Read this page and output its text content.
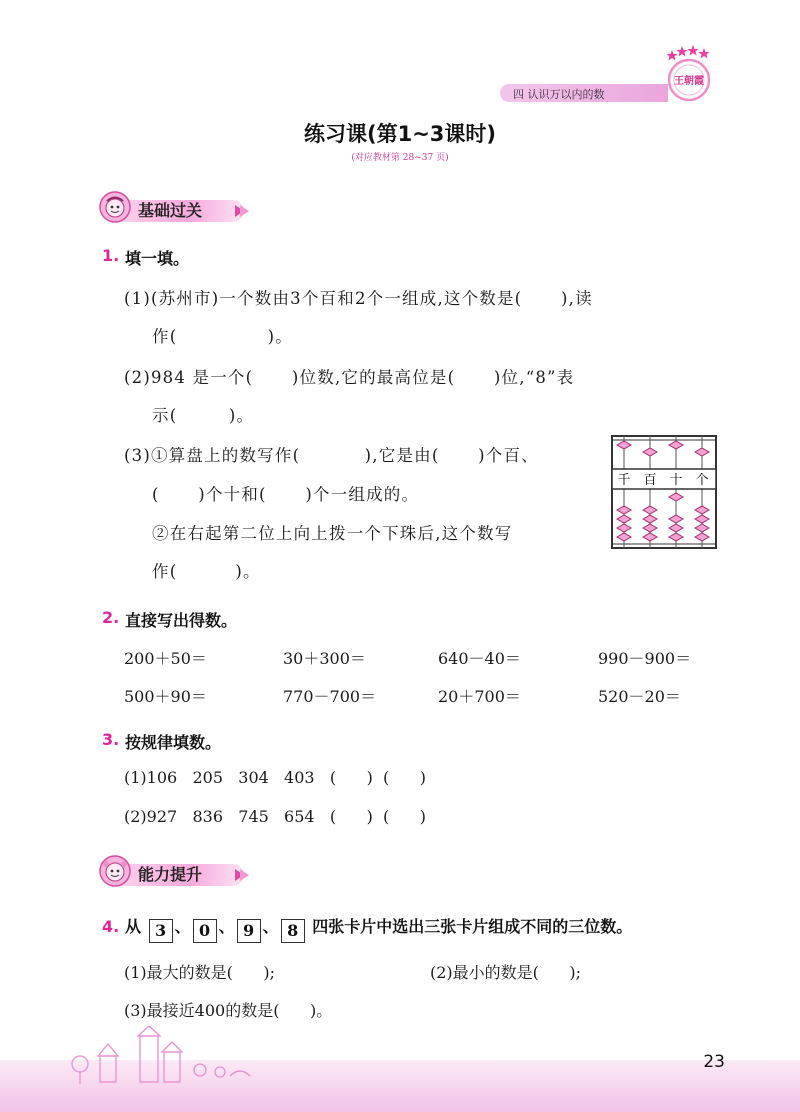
四 认识万以内的数
王朝霞
练习课(第1~3课时)
(对应教材第 28~37 页)
基础过关
1. 填一填。
(1)(苏州市)一个数由3个百和2个一组成,这个数是(      ),读
作(              )。
(2)984 是一个(      )位数,它的最高位是(      )位,“8”表
示(        )。
(3)①算盘上的数写作(          ),它是由(      )个百、
(      )个十和(      )个一组成的。
②在右起第二位上向上拨一个下珠后,这个数写
作(         )。
千 百 十 个
2. 直接写出得数。
200＋50＝	30＋300＝	640－40＝	990－900＝
500＋90＝	770－700＝	20＋700＝	520－20＝
3. 按规律填数。
(1)106   205   304   403   (      )  (      )
(2)927   836   745   654   (      )  (      )
能力提升
4. 从 3 、 0 、 9 、 8 四张卡片中选出三张卡片组成不同的三位数。
(1)最大的数是(      );	(2)最小的数是(      );
(3)最接近400的数是(      )。
23
